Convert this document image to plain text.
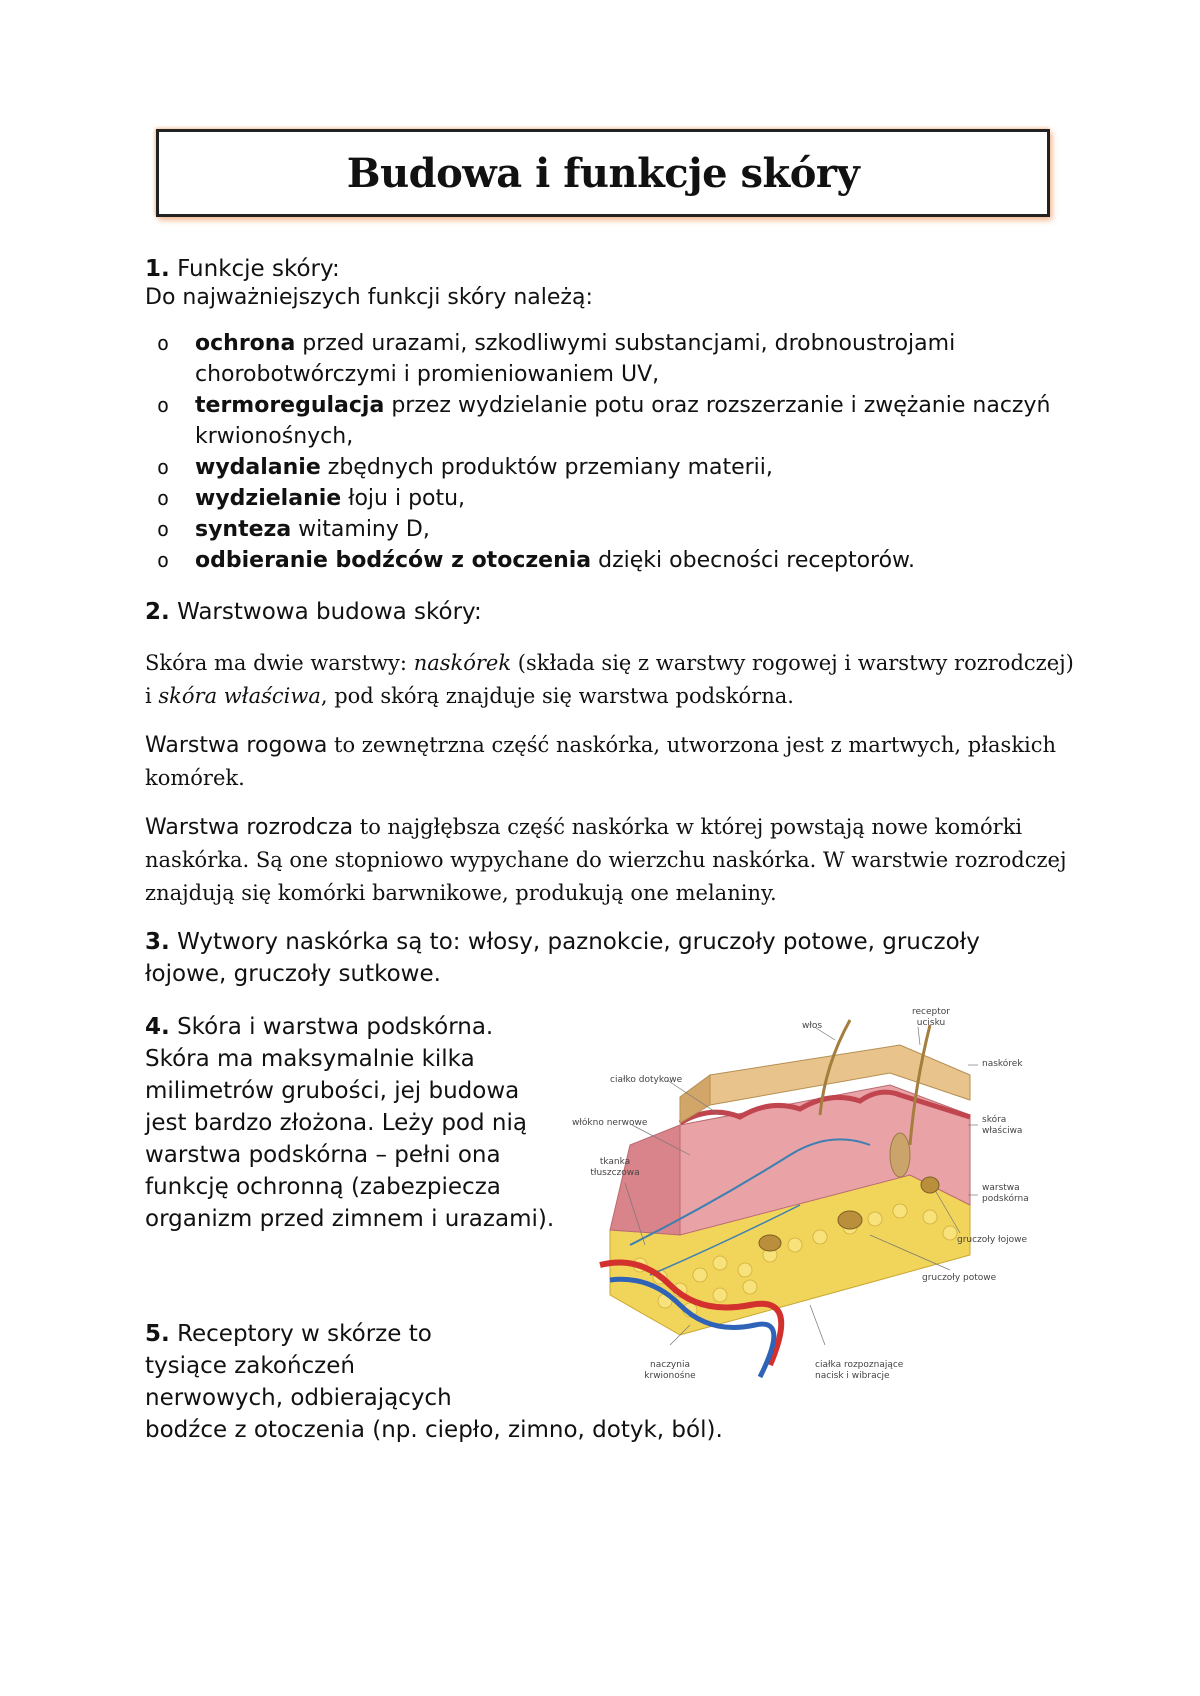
Budowa i funkcje skóry
1. Funkcje skóry:
Do najważniejszych funkcji skóry należą:
o ochrona przed urazami, szkodliwymi substancjami, drobnoustrojami chorobotwórczymi i promieniowaniem UV,
o termoregulacja przez wydzielanie potu oraz rozszerzanie i zwężanie naczyń krwionośnych,
o wydalanie zbędnych produktów przemiany materii,
o wydzielanie łoju i potu,
o synteza witaminy D,
o odbieranie bodźców z otoczenia dzięki obecności receptorów.
2. Warstwowa budowa skóry:
Skóra ma dwie warstwy: naskórek (składa się z warstwy rogowej i warstwy rozrodczej) i skóra właściwa, pod skórą znajduje się warstwa podskórna.
Warstwa rogowa to zewnętrzna część naskórka, utworzona jest z martwych, płaskich komórek.
Warstwa rozrodcza to najgłębsza część naskórka w której powstają nowe komórki naskórka. Są one stopniowo wypychane do wierzchu naskórka. W warstwie rozrodczej znajdują się komórki barwnikowe, produkują one melaniny.
3. Wytwory naskórka są to: włosy, paznokcie, gruczoły potowe, gruczoły łojowe, gruczoły sutkowe.
4. Skóra i warstwa podskórna. Skóra ma maksymalnie kilka milimetrów grubości, jej budowa jest bardzo złożona. Leży pod nią warstwa podskórna – pełni ona funkcję ochronną (zabezpiecza organizm przed zimnem i urazami).
5. Receptory w skórze to
tysiące zakończeń
nerwowych, odbierających
bodźce z otoczenia (np. ciepło, zimno, dotyk, ból).
włos
receptor ucisku
ciałko dotykowe
włókno nerwowe
tkanka tłuszczowa
naskórek
skóra właściwa
warstwa podskórna
gruczoły łojowe
gruczoły potowe
naczynia krwionośne
ciałka rozpoznające nacisk i wibracje
